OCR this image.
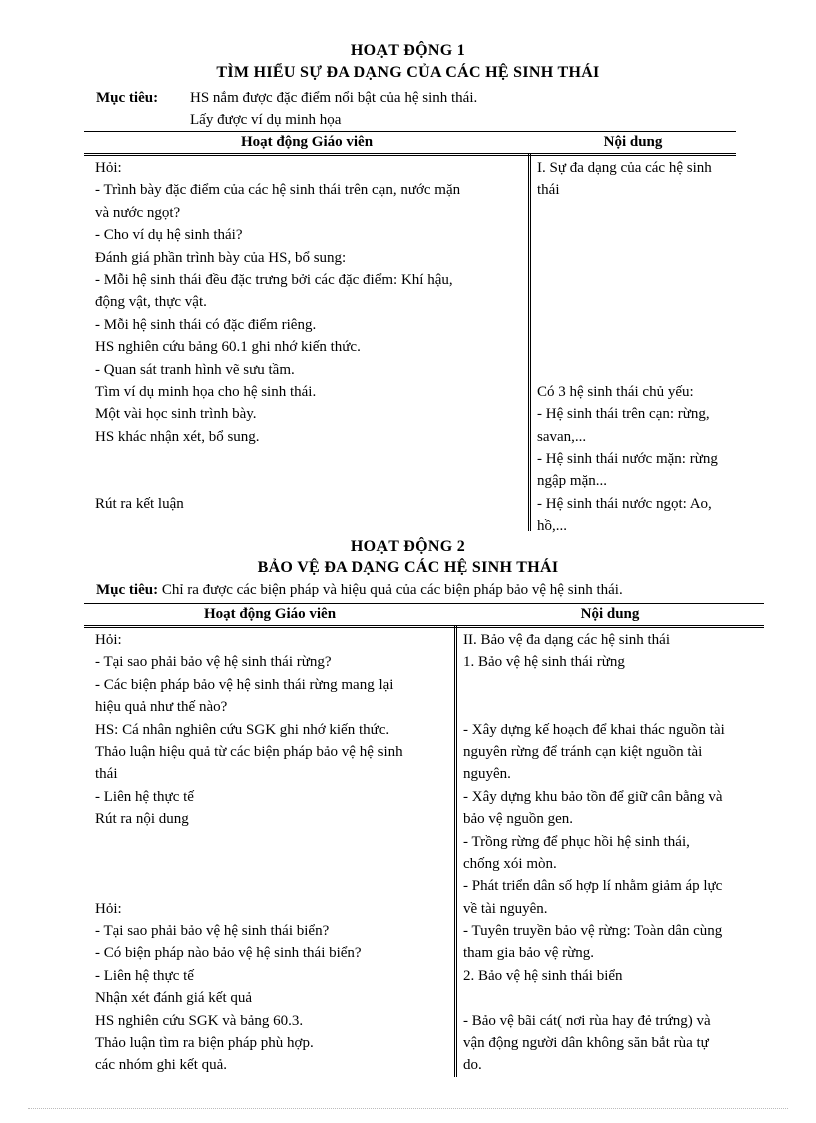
HOẠT ĐỘNG 1
TÌM HIỂU SỰ ĐA DẠNG CỦA CÁC HỆ SINH THÁI
Mục tiêu: HS nắm được đặc điểm nổi bật của hệ sinh thái.
Lấy được ví dụ minh họa
Hoạt động Giáo viên	Nội dung
Hỏi:
- Trình bày đặc điểm của các hệ sinh thái trên cạn, nước mặn
và nước ngọt?
- Cho ví dụ hệ sinh thái?
Đánh giá phần trình bày của HS, bổ sung:
- Mỗi hệ sinh thái đều đặc trưng bởi các đặc điểm: Khí hậu,
động vật, thực vật.
- Mỗi hệ sinh thái có đặc điểm riêng.
HS nghiên cứu bảng 60.1 ghi nhớ kiến thức.
- Quan sát tranh hình vẽ sưu tầm.
Tìm ví dụ minh họa cho hệ sinh thái.
Một vài học sinh trình bày.
HS khác nhận xét, bổ sung.
Rút ra kết luận
I. Sự đa dạng của các hệ sinh
thái
Có 3 hệ sinh thái chủ yếu:
- Hệ sinh thái trên cạn: rừng,
savan,...
- Hệ sinh thái nước mặn: rừng
ngập mặn...
- Hệ sinh thái nước ngọt: Ao,
hồ,...
HOẠT ĐỘNG 2
BẢO VỆ ĐA DẠNG CÁC HỆ SINH THÁI
Mục tiêu: Chỉ ra được các biện pháp và hiệu quả của các biện pháp bảo vệ hệ sinh thái.
Hoạt động Giáo viên	Nội dung
Hỏi:
- Tại sao phải bảo vệ hệ sinh thái rừng?
- Các biện pháp bảo vệ hệ sinh thái rừng mang lại
hiệu quả như thế nào?
HS: Cá nhân nghiên cứu SGK ghi nhớ kiến thức.
Thảo luận hiệu quả từ các biện pháp bảo vệ hệ sinh
thái
- Liên hệ thực tế
Rút ra nội dung
Hỏi:
- Tại sao phải bảo vệ hệ sinh thái biển?
- Có biện pháp nào bảo vệ hệ sinh thái biển?
- Liên hệ thực tế
Nhận xét đánh giá kết quả
HS nghiên cứu SGK và bảng 60.3.
Thảo luận tìm ra biện pháp phù hợp.
các nhóm ghi kết quả.
II. Bảo vệ đa dạng các hệ sinh thái
1. Bảo vệ hệ sinh thái rừng
- Xây dựng kế hoạch để khai thác nguồn tài
nguyên rừng để tránh cạn kiệt nguồn tài
nguyên.
- Xây dựng khu bảo tồn để giữ cân bằng và
bảo vệ nguồn gen.
- Trồng rừng để phục hồi hệ sinh thái,
chống xói mòn.
- Phát triển dân số hợp lí nhằm giảm áp lực
về tài nguyên.
- Tuyên truyền bảo vệ rừng: Toàn dân cùng
tham gia bảo vệ rừng.
2. Bảo vệ hệ sinh thái biển
- Bảo vệ bãi cát( nơi rùa hay đẻ trứng) và
vận động người dân không săn bắt rùa tự
do.
